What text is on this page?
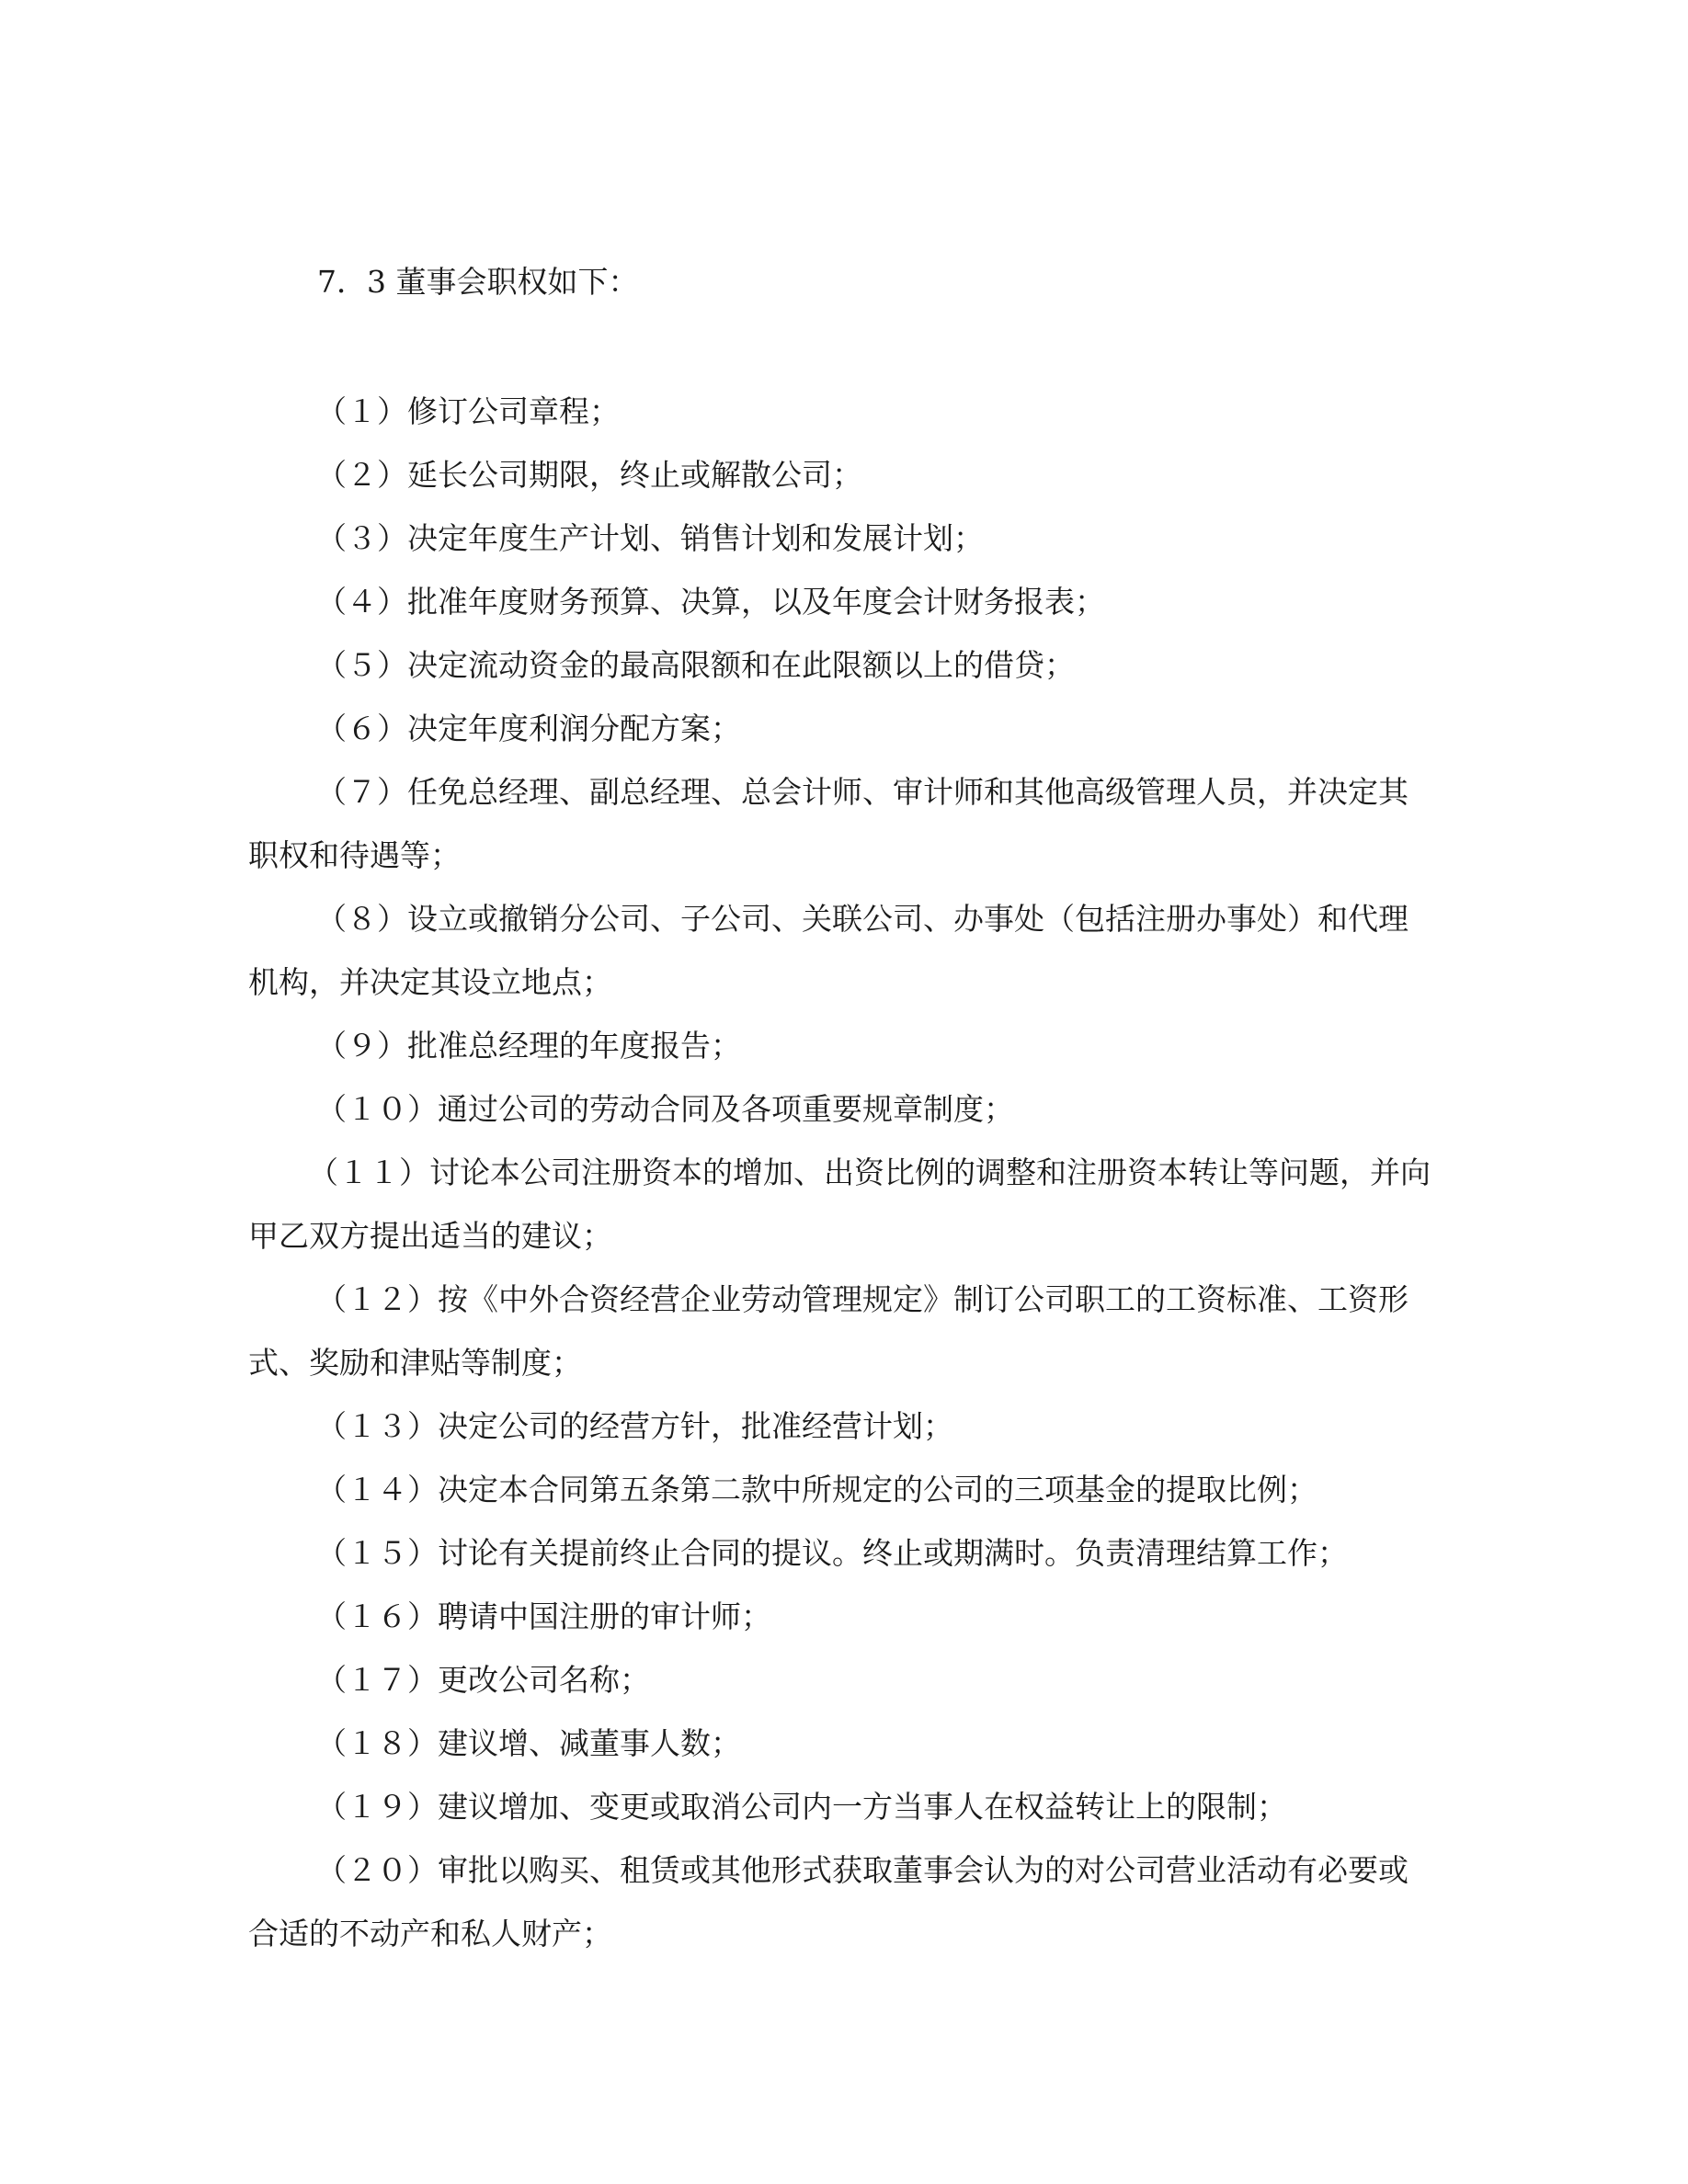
7．3 董事会职权如下：
（１）修订公司章程；
（２）延长公司期限，终止或解散公司；
（３）决定年度生产计划、销售计划和发展计划；
（４）批准年度财务预算、决算，以及年度会计财务报表；
（５）决定流动资金的最高限额和在此限额以上的借贷；
（６）决定年度利润分配方案；
（７）任免总经理、副总经理、总会计师、审计师和其他高级管理人员，并决定其职权和待遇等；
（８）设立或撤销分公司、子公司、关联公司、办事处（包括注册办事处）和代理机构，并决定其设立地点；
（９）批准总经理的年度报告；
（１０）通过公司的劳动合同及各项重要规章制度；
（１１）讨论本公司注册资本的增加、出资比例的调整和注册资本转让等问题，并向甲乙双方提出适当的建议；
（１２）按《中外合资经营企业劳动管理规定》制订公司职工的工资标准、工资形式、奖励和津贴等制度；
（１３）决定公司的经营方针，批准经营计划；
（１４）决定本合同第五条第二款中所规定的公司的三项基金的提取比例；
（１５）讨论有关提前终止合同的提议。终止或期满时。负责清理结算工作；
（１６）聘请中国注册的审计师；
（１７）更改公司名称；
（１８）建议增、减董事人数；
（１９）建议增加、变更或取消公司内一方当事人在权益转让上的限制；
（２０）审批以购买、租赁或其他形式获取董事会认为的对公司营业活动有必要或合适的不动产和私人财产；
